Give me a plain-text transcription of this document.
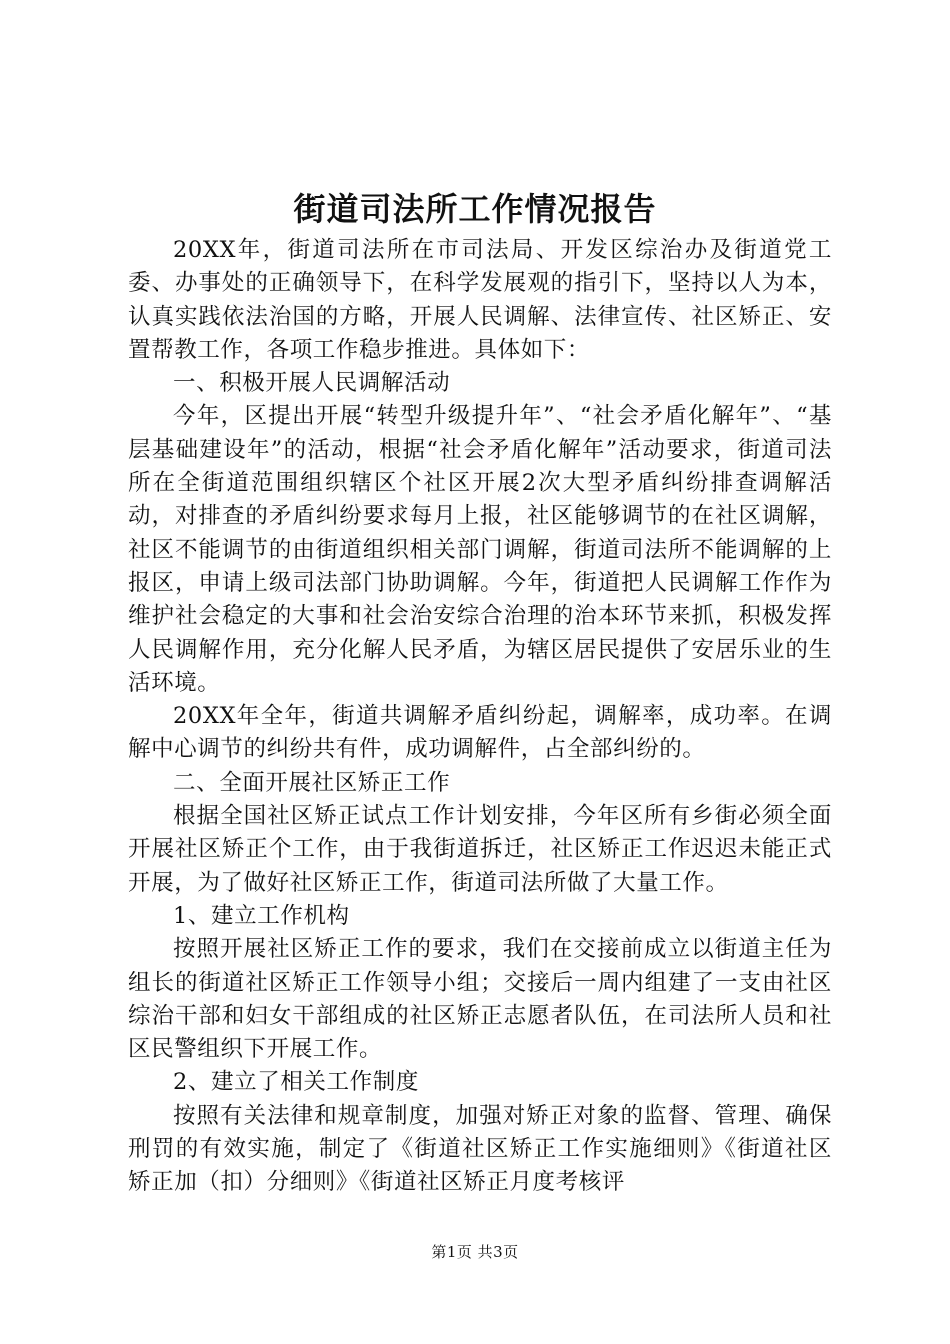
街道司法所工作情况报告

20XX年，街道司法所在市司法局、开发区综治办及街道党工委、办事处的正确领导下，在科学发展观的指引下，坚持以人为本，认真实践依法治国的方略，开展人民调解、法律宣传、社区矫正、安置帮教工作，各项工作稳步推进。具体如下：

一、积极开展人民调解活动

今年，区提出开展“转型升级提升年”、“社会矛盾化解年”、“基层基础建设年”的活动，根据“社会矛盾化解年”活动要求，街道司法所在全街道范围组织辖区个社区开展2次大型矛盾纠纷排查调解活动，对排查的矛盾纠纷要求每月上报，社区能够调节的在社区调解，社区不能调节的由街道组织相关部门调解，街道司法所不能调解的上报区，申请上级司法部门协助调解。今年，街道把人民调解工作作为维护社会稳定的大事和社会治安综合治理的治本环节来抓，积极发挥人民调解作用，充分化解人民矛盾，为辖区居民提供了安居乐业的生活环境。

20XX年全年，街道共调解矛盾纠纷起，调解率，成功率。在调解中心调节的纠纷共有件，成功调解件，占全部纠纷的。

二、全面开展社区矫正工作

根据全国社区矫正试点工作计划安排，今年区所有乡街必须全面开展社区矫正个工作，由于我街道拆迁，社区矫正工作迟迟未能正式开展，为了做好社区矫正工作，街道司法所做了大量工作。

1、建立工作机构

按照开展社区矫正工作的要求，我们在交接前成立以街道主任为组长的街道社区矫正工作领导小组；交接后一周内组建了一支由社区综治干部和妇女干部组成的社区矫正志愿者队伍，在司法所人员和社区民警组织下开展工作。

2、建立了相关工作制度

按照有关法律和规章制度，加强对矫正对象的监督、管理、确保刑罚的有效实施，制定了《街道社区矫正工作实施细则》《街道社区矫正加（扣）分细则》《街道社区矫正月度考核评

第1页 共3页
